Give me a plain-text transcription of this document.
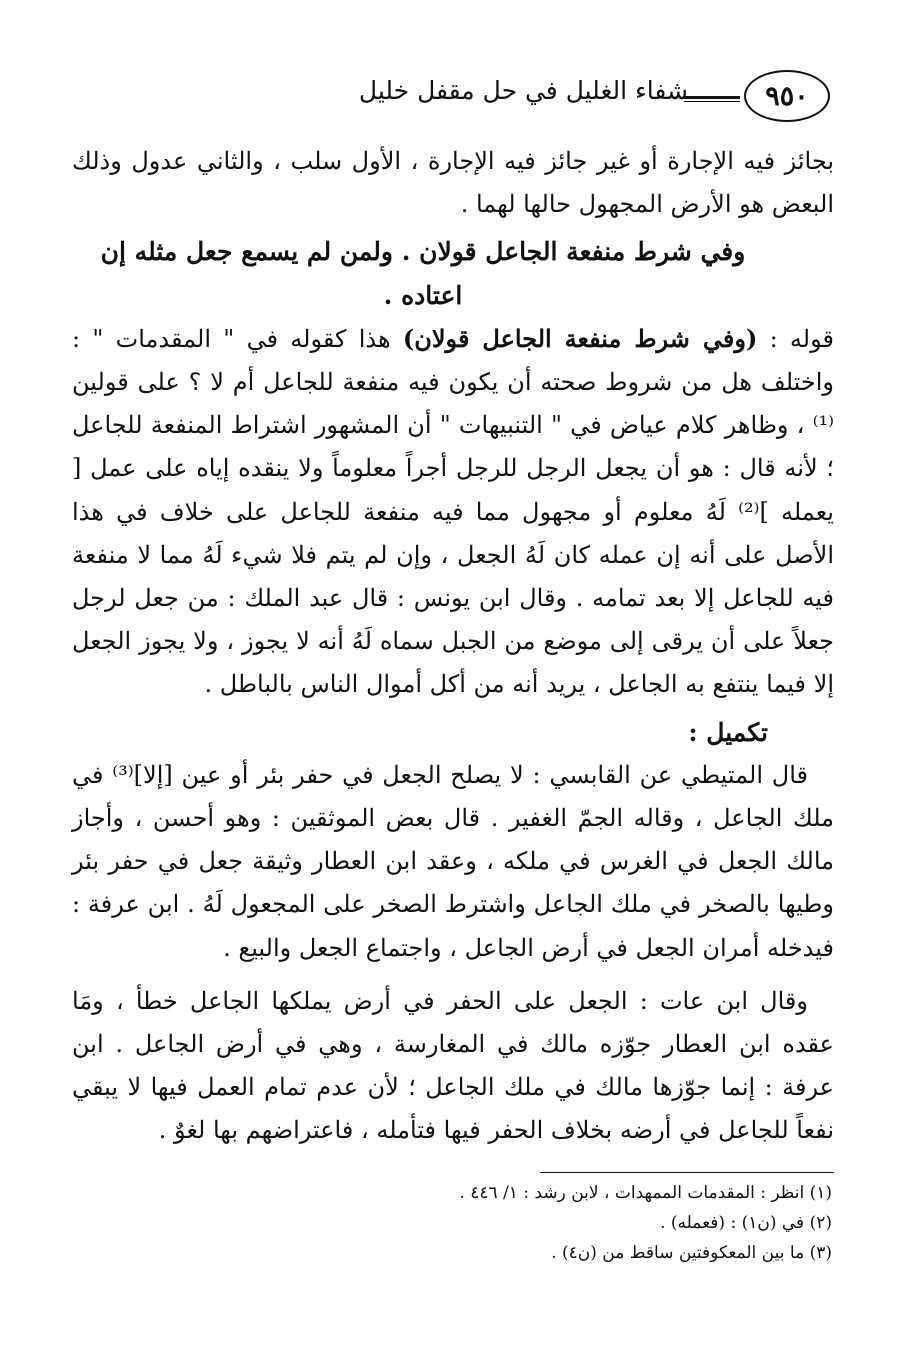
٩٥٠
شفاء الغليل في حل مقفل خليل

بجائز فيه الإجارة أو غير جائز فيه الإجارة ، الأول سلب ، والثاني عدول وذلك البعض هو الأرض المجهول حالها لهما .

وفي شرط منفعة الجاعل قولان . ولمن لم يسمع جعل مثله إن اعتاده .

قوله : (وفي شرط منفعة الجاعل قولان) هذا كقوله في " المقدمات " : واختلف هل من شروط صحته أن يكون فيه منفعة للجاعل أم لا ؟ على قولين ⁽¹⁾ ، وظاهر كلام عياض في " التنبيهات " أن المشهور اشتراط المنفعة للجاعل ؛ لأنه قال : هو أن يجعل الرجل للرجل أجراً معلوماً ولا ينقده إياه على عمل [ يعمله ]⁽²⁾ لَهُ معلوم أو مجهول مما فيه منفعة للجاعل على خلاف في هذا الأصل على أنه إن عمله كان لَهُ الجعل ، وإن لم يتم فلا شيء لَهُ مما لا منفعة فيه للجاعل إلا بعد تمامه . وقال ابن يونس : قال عبد الملك : من جعل لرجل جعلاً على أن يرقى إلى موضع من الجبل سماه لَهُ أنه لا يجوز ، ولا يجوز الجعل إلا فيما ينتفع به الجاعل ، يريد أنه من أكل أموال الناس بالباطل .

تكميل :

قال المتيطي عن القابسي : لا يصلح الجعل في حفر بئر أو عين [إلا]⁽³⁾ في ملك الجاعل ، وقاله الجمّ الغفير . قال بعض الموثقين : وهو أحسن ، وأجاز مالك الجعل في الغرس في ملكه ، وعقد ابن العطار وثيقة جعل في حفر بئر وطيها بالصخر في ملك الجاعل واشترط الصخر على المجعول لَهُ . ابن عرفة : فيدخله أمران الجعل في أرض الجاعل ، واجتماع الجعل والبيع .

وقال ابن عات : الجعل على الحفر في أرض يملكها الجاعل خطأ ، ومَا عقده ابن العطار جوّزه مالك في المغارسة ، وهي في أرض الجاعل . ابن عرفة : إنما جوّزها مالك في ملك الجاعل ؛ لأن عدم تمام العمل فيها لا يبقي نفعاً للجاعل في أرضه بخلاف الحفر فيها فتأمله ، فاعتراضهم بها لغوٌ .

(١) انظر : المقدمات الممهدات ، لابن رشد : ١/ ٤٤٦ .

(٢) في (ن١) : (فعمله) .

(٣) ما بين المعكوفتين ساقط من (ن٤) .
